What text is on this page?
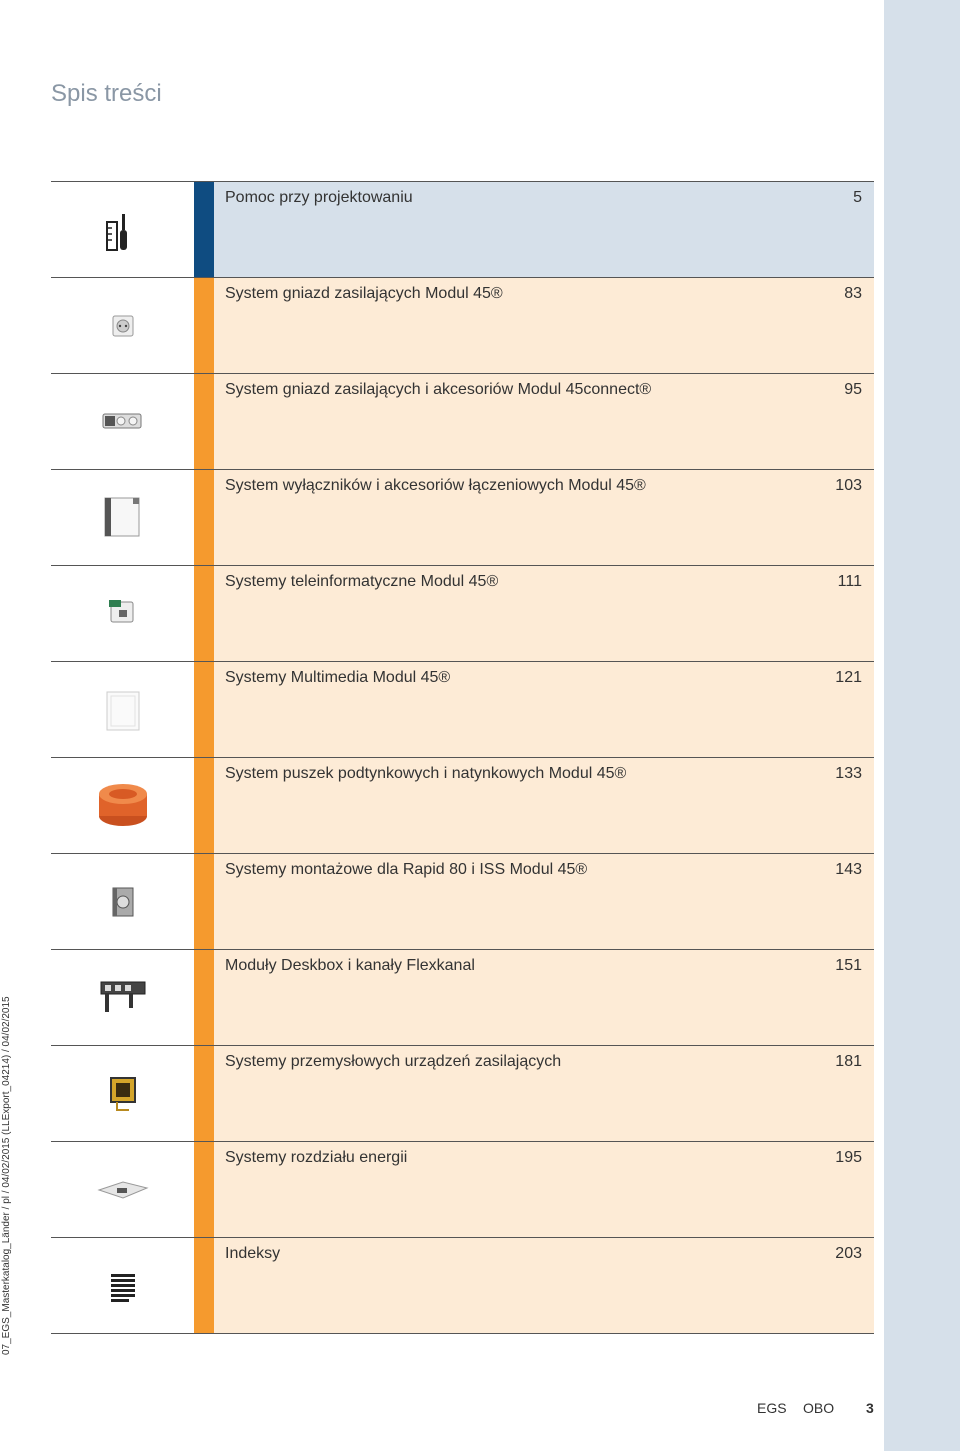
Spis treści
Pomoc przy projektowaniu	5
System gniazd zasilających Modul 45®	83
System gniazd zasilających i akcesoriów Modul 45connect®	95
System wyłączników i akcesoriów łączeniowych Modul 45®	103
Systemy teleinformatyczne Modul 45®	111
Systemy Multimedia Modul 45®	121
System puszek podtynkowych i natynkowych Modul 45®	133
Systemy montażowe dla Rapid 80 i ISS Modul 45®	143
Moduły Deskbox i kanały Flexkanal	151
Systemy przemysłowych urządzeń zasilających	181
Systemy rozdziału energii	195
Indeksy	203
07_EGS_Masterkatalog_Länder / pl / 04/02/2015 (LLExport_04214) / 04/02/2015
EGS OBO 3
